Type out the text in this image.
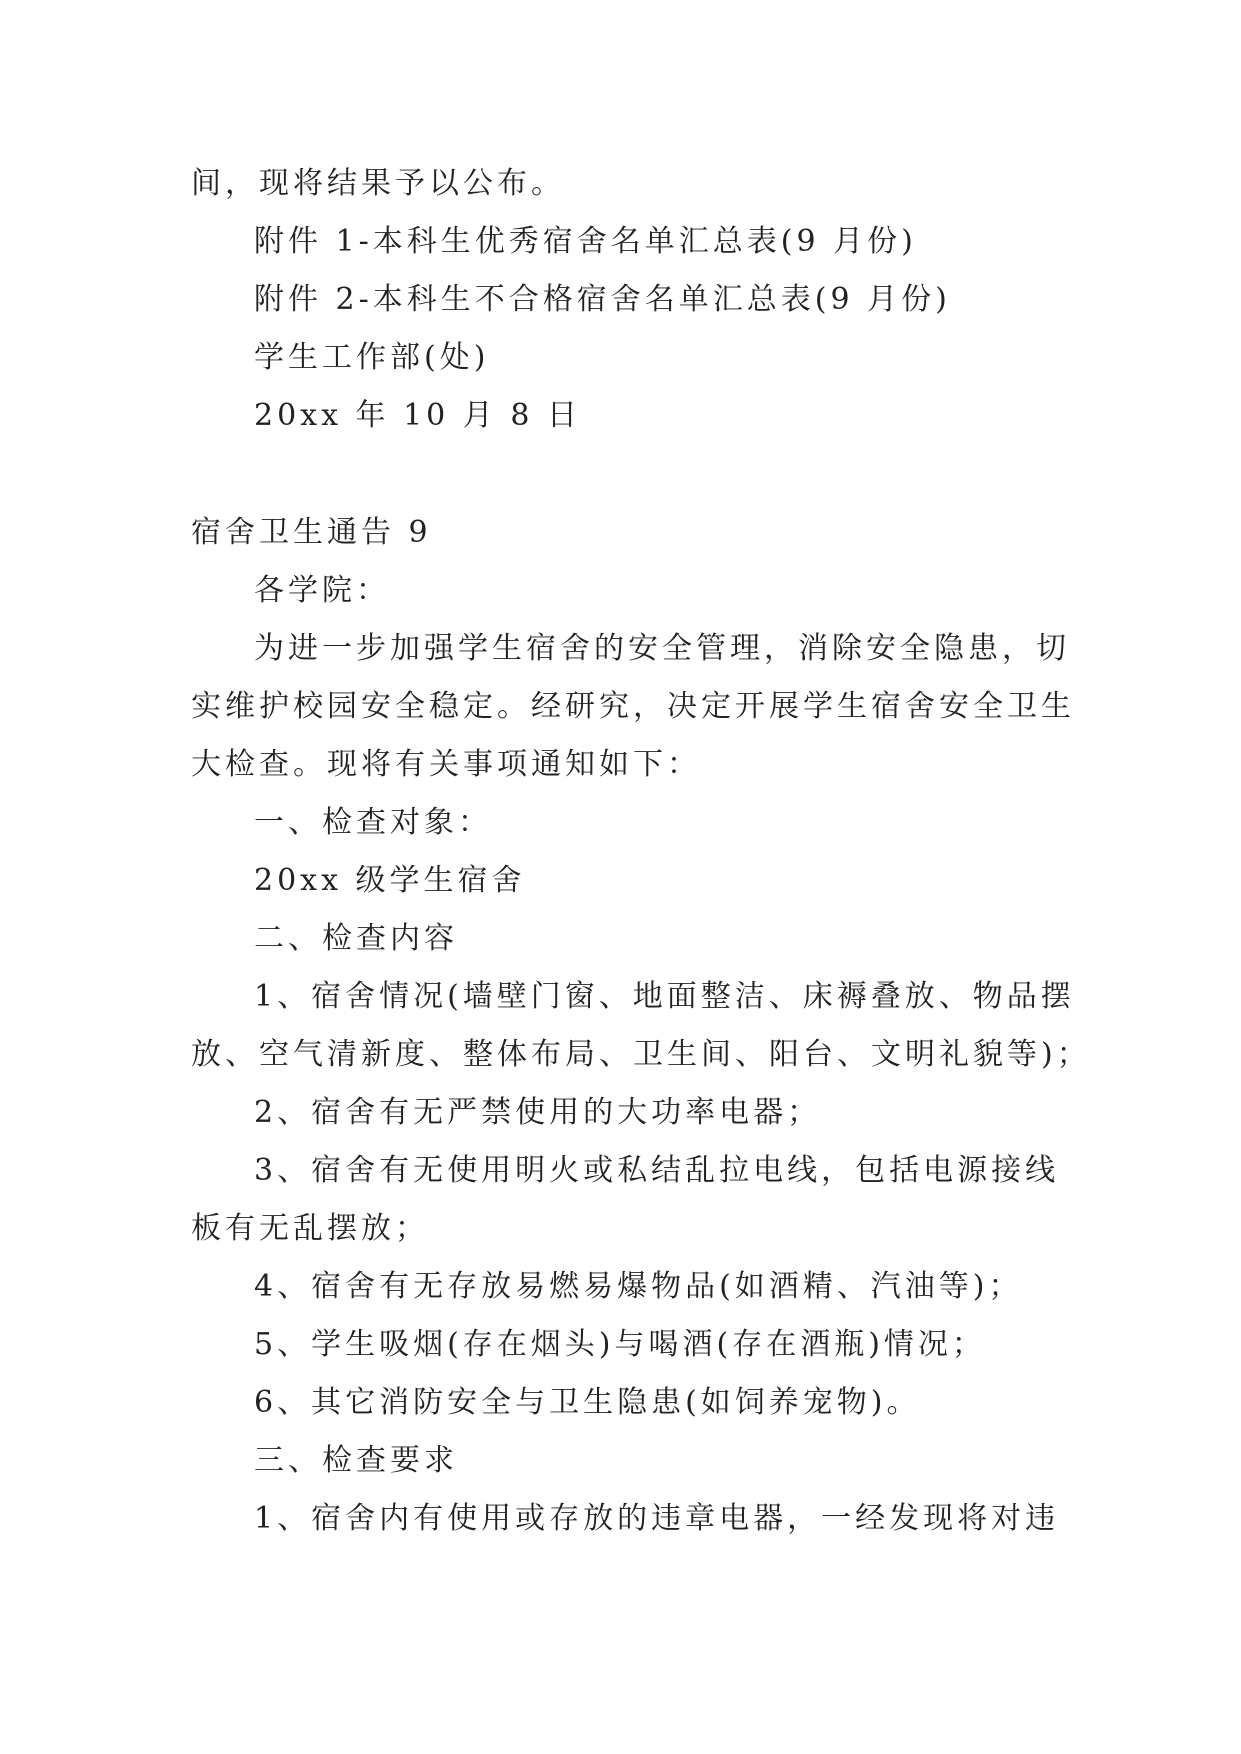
间，现将结果予以公布。
附件 1-本科生优秀宿舍名单汇总表(9 月份)
附件 2-本科生不合格宿舍名单汇总表(9 月份)
学生工作部(处)
20xx 年 10 月 8 日
宿舍卫生通告 9
各学院：
为进一步加强学生宿舍的安全管理，消除安全隐患，切
实维护校园安全稳定。经研究，决定开展学生宿舍安全卫生
大检查。现将有关事项通知如下：
一、检查对象：
20xx 级学生宿舍
二、检查内容
1、宿舍情况(墙壁门窗、地面整洁、床褥叠放、物品摆
放、空气清新度、整体布局、卫生间、阳台、文明礼貌等)；
2、宿舍有无严禁使用的大功率电器；
3、宿舍有无使用明火或私结乱拉电线，包括电源接线
板有无乱摆放；
4、宿舍有无存放易燃易爆物品(如酒精、汽油等)；
5、学生吸烟(存在烟头)与喝酒(存在酒瓶)情况；
6、其它消防安全与卫生隐患(如饲养宠物)。
三、检查要求
1、宿舍内有使用或存放的违章电器，一经发现将对违
